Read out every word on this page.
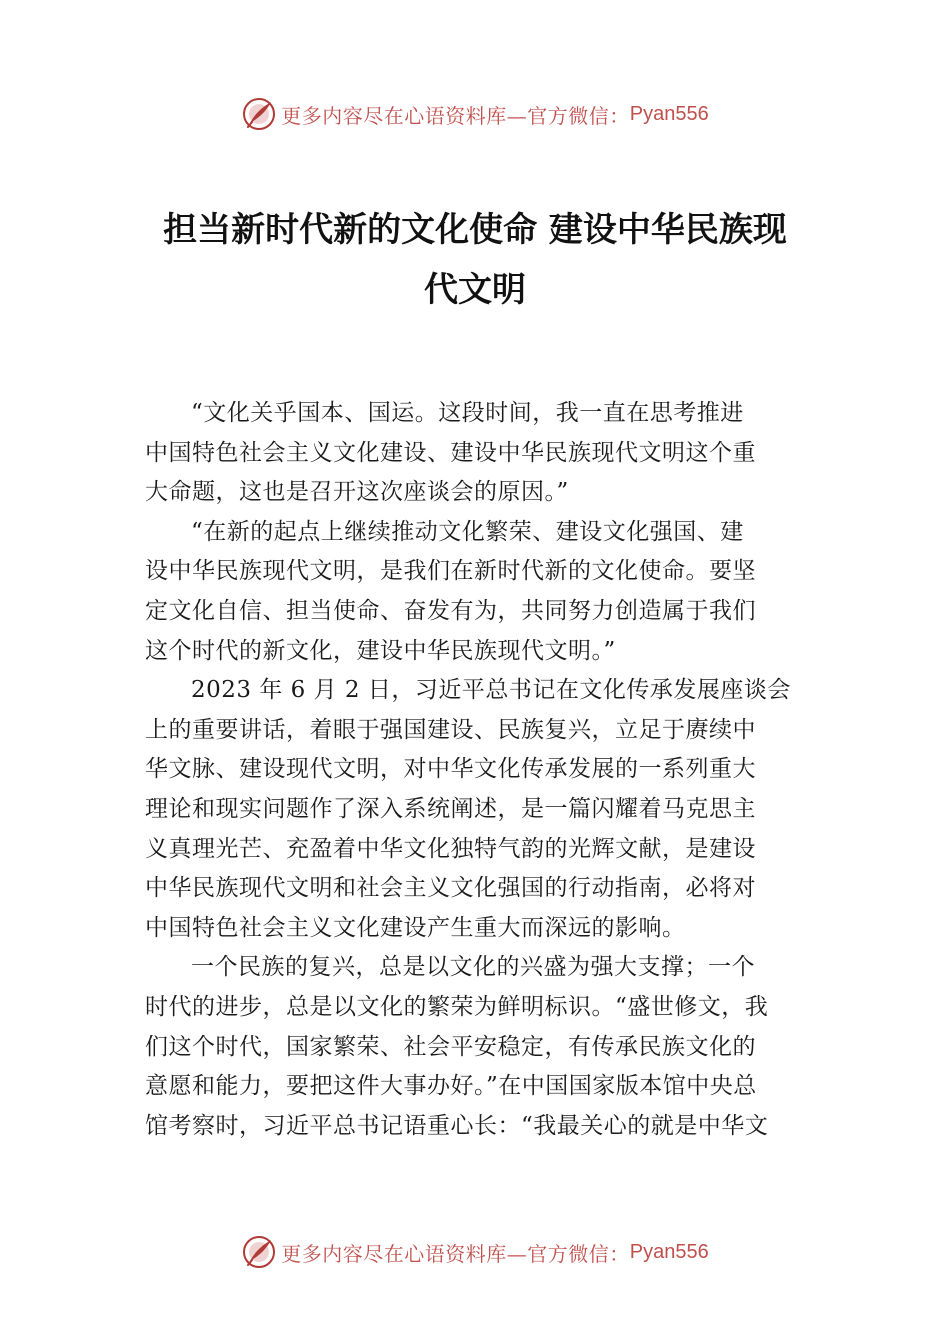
更多内容尽在心语资料库—官方微信： Pyan556
担当新时代新的文化使命 建设中华民族现
代文明

“文化关乎国本、国运。这段时间，我一直在思考推进
中国特色社会主义文化建设、建设中华民族现代文明这个重
大命题，这也是召开这次座谈会的原因。”

“在新的起点上继续推动文化繁荣、建设文化强国、建
设中华民族现代文明，是我们在新时代新的文化使命。要坚
定文化自信、担当使命、奋发有为，共同努力创造属于我们
这个时代的新文化，建设中华民族现代文明。”

2023 年 6 月 2 日，习近平总书记在文化传承发展座谈会
上的重要讲话，着眼于强国建设、民族复兴，立足于赓续中
华文脉、建设现代文明，对中华文化传承发展的一系列重大
理论和现实问题作了深入系统阐述，是一篇闪耀着马克思主
义真理光芒、充盈着中华文化独特气韵的光辉文献，是建设
中华民族现代文明和社会主义文化强国的行动指南，必将对
中国特色社会主义文化建设产生重大而深远的影响。

一个民族的复兴，总是以文化的兴盛为强大支撑；一个
时代的进步，总是以文化的繁荣为鲜明标识。“盛世修文，我
们这个时代，国家繁荣、社会平安稳定，有传承民族文化的
意愿和能力，要把这件大事办好。”在中国国家版本馆中央总
馆考察时，习近平总书记语重心长：“我最关心的就是中华文

更多内容尽在心语资料库—官方微信： Pyan556
